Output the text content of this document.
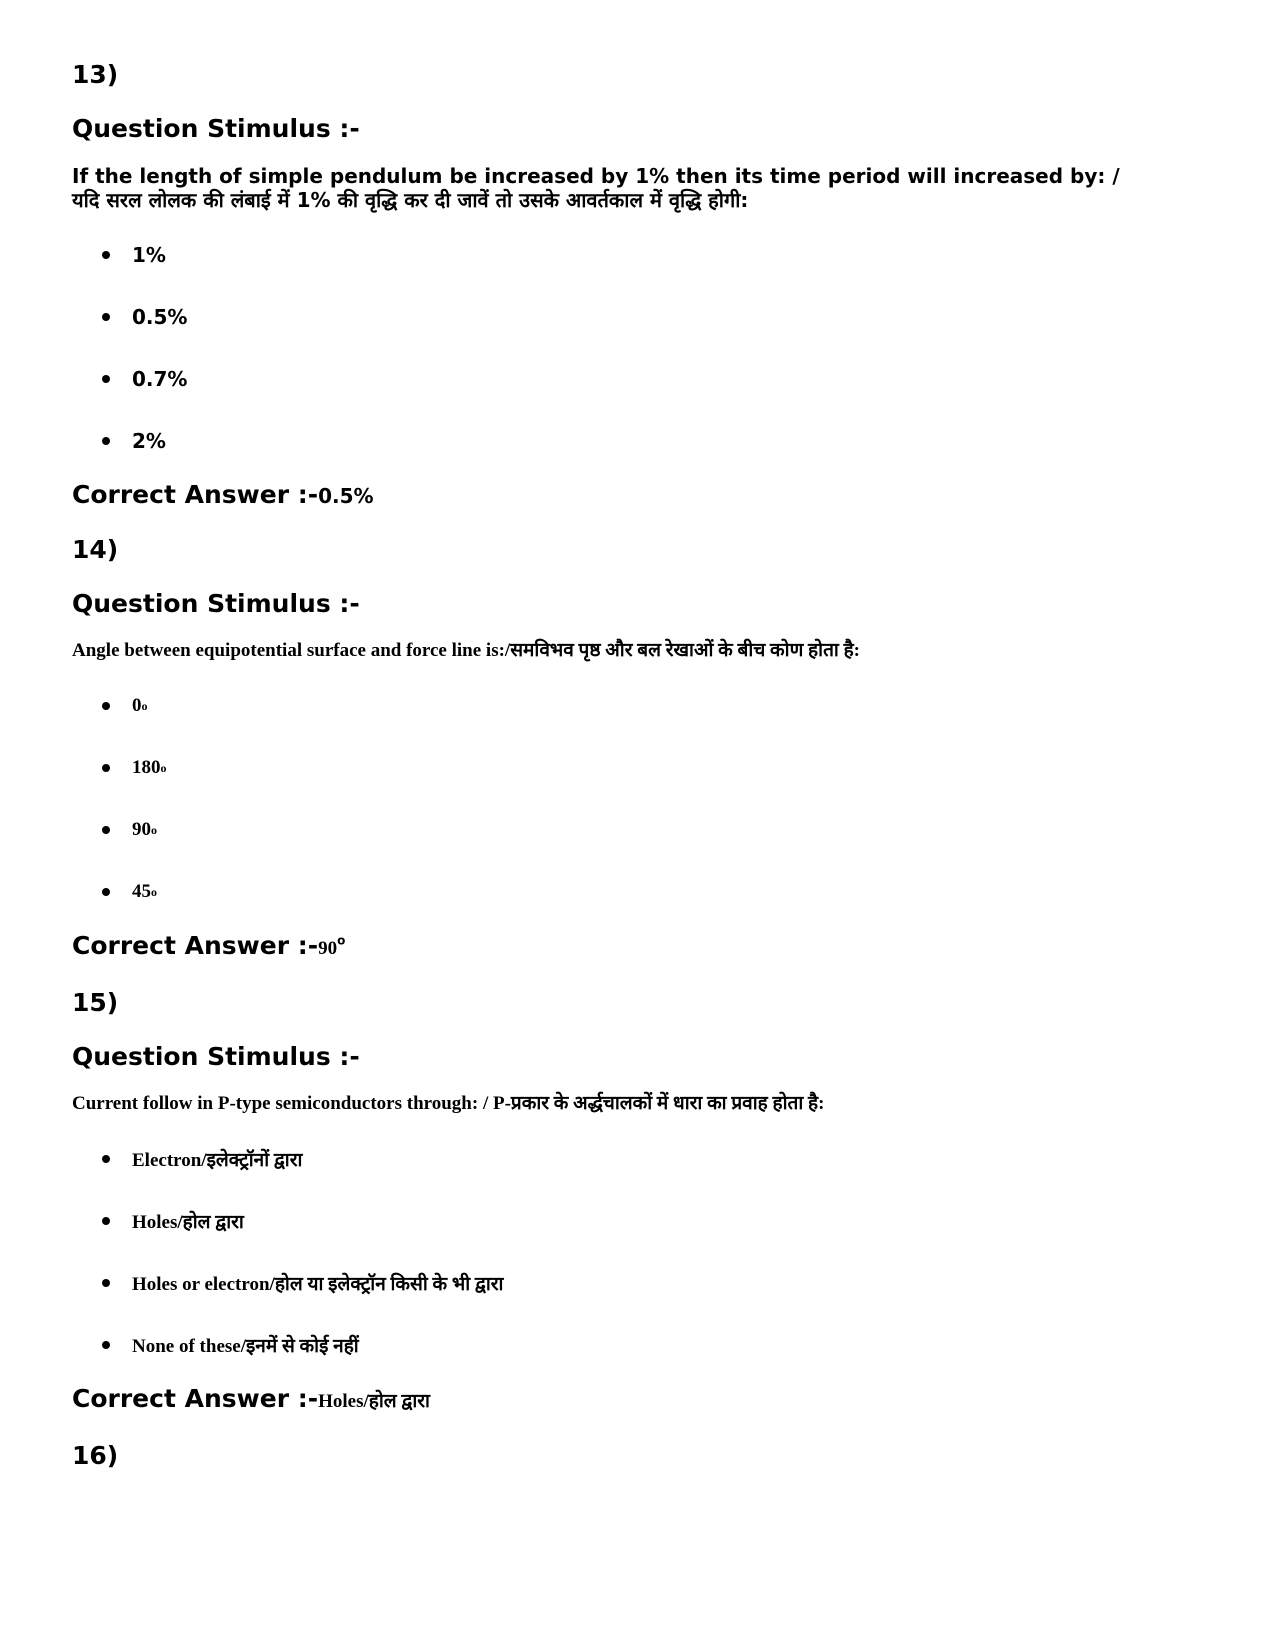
13)
Question Stimulus :-
If the length of simple pendulum be increased by 1% then its time period will increased by: /
यदि सरल लोलक की लंबाई में 1% की वृद्धि कर दी जावें तो उसके आवर्तकाल में वृद्धि होगी:
1%
0.5%
0.7%
2%
Correct Answer :-0.5%
14)
Question Stimulus :-
Angle between equipotential surface and force line is:/समविभव पृष्ठ और बल रेखाओं के बीच कोण होता है:
0 o
180 o
90 o
45 o
Correct Answer :-90$^o$
15)
Question Stimulus :-
Current follow in P-type semiconductors through: / P-प्रकार के अर्द्धचालकों में धारा का प्रवाह होता है:
Electron/इलेक्ट्रॉनों द्वारा
Holes/होल द्वारा
Holes or electron/होल या इलेक्ट्रॉन किसी के भी द्वारा
None of these/इनमें से कोई नहीं
Correct Answer :-Holes/होल द्वारा
16)
